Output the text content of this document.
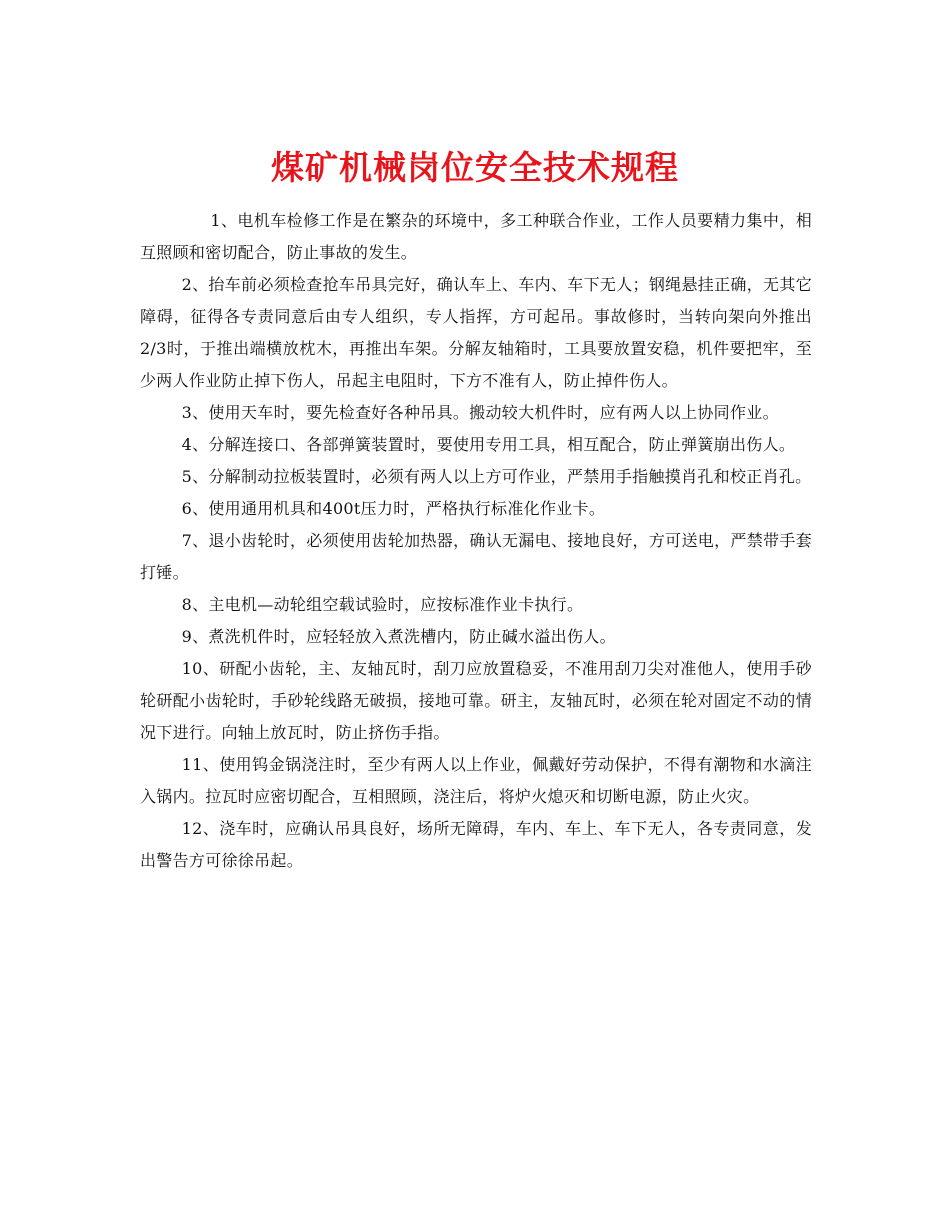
煤矿机械岗位安全技术规程

1、电机车检修工作是在繁杂的环境中，多工种联合作业，工作人员要精力集中，相互照顾和密切配合，防止事故的发生。

2、抬车前必须检查抢车吊具完好，确认车上、车内、车下无人；钢绳悬挂正确，无其它障碍，征得各专责同意后由专人组织，专人指挥，方可起吊。事故修时，当转向架向外推出2/3时，于推出端横放枕木，再推出车架。分解友轴箱时，工具要放置安稳，机件要把牢，至少两人作业防止掉下伤人，吊起主电阻时，下方不准有人，防止掉件伤人。

3、使用天车时，要先检查好各种吊具。搬动较大机件时，应有两人以上协同作业。

4、分解连接口、各部弹簧装置时，要使用专用工具，相互配合，防止弹簧崩出伤人。

5、分解制动拉板装置时，必须有两人以上方可作业，严禁用手指触摸肖孔和校正肖孔。

6、使用通用机具和400t压力时，严格执行标准化作业卡。

7、退小齿轮时，必须使用齿轮加热器，确认无漏电、接地良好，方可送电，严禁带手套打锤。

8、主电机—动轮组空载试验时，应按标准作业卡执行。

9、煮洗机件时，应轻轻放入煮洗槽内，防止碱水溢出伤人。

10、研配小齿轮，主、友轴瓦时，刮刀应放置稳妥，不准用刮刀尖对准他人，使用手砂轮研配小齿轮时，手砂轮线路无破损，接地可靠。研主，友轴瓦时，必须在轮对固定不动的情况下进行。向轴上放瓦时，防止挤伤手指。

11、使用钨金锅浇注时，至少有两人以上作业，佩戴好劳动保护，不得有潮物和水滴注入锅内。拉瓦时应密切配合，互相照顾，浇注后，将炉火熄灭和切断电源，防止火灾。

12、浇车时，应确认吊具良好，场所无障碍，车内、车上、车下无人，各专责同意，发出警告方可徐徐吊起。
